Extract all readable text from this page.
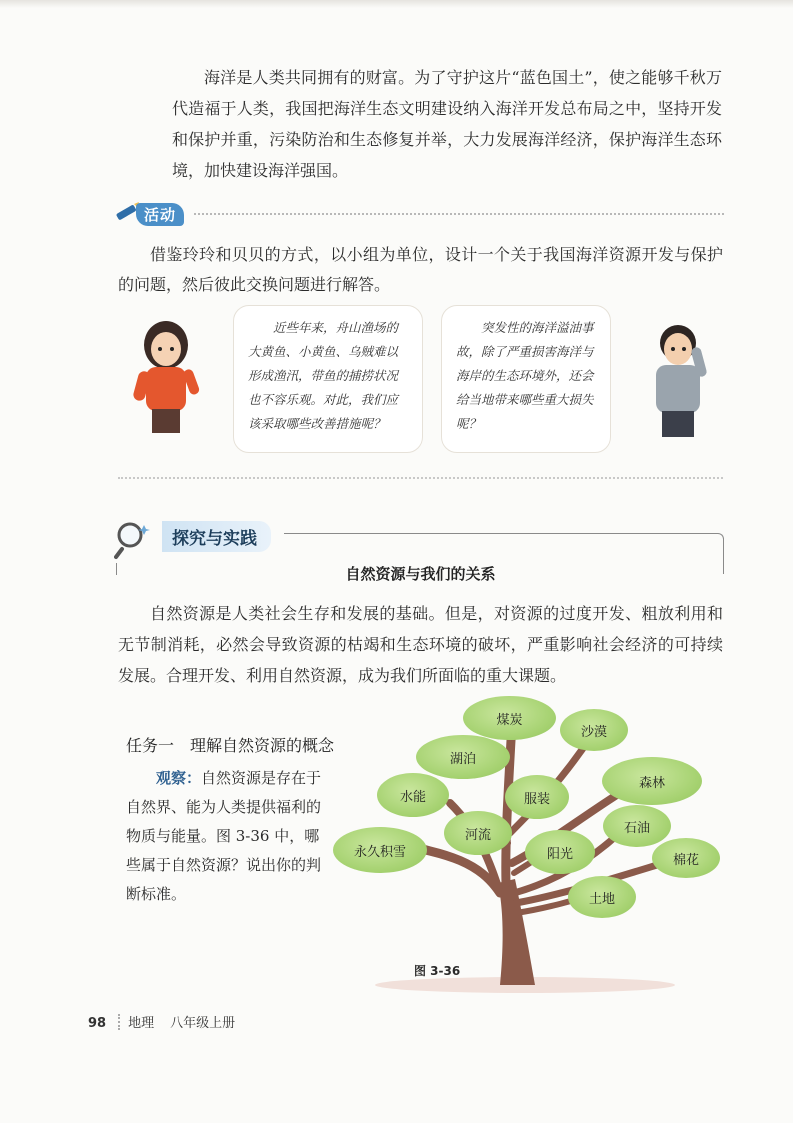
海洋是人类共同拥有的财富。为了守护这片“蓝色国土”，使之能够千秋万代造福于人类，我国把海洋生态文明建设纳入海洋开发总布局之中，坚持开发和保护并重，污染防治和生态修复并举，大力发展海洋经济，保护海洋生态环境，加快建设海洋强国。

活动

借鉴玲玲和贝贝的方式，以小组为单位，设计一个关于我国海洋资源开发与保护的问题，然后彼此交换问题进行解答。

近些年来，舟山渔场的大黄鱼、小黄鱼、乌贼难以形成渔汛，带鱼的捕捞状况也不容乐观。对此，我们应该采取哪些改善措施呢？

突发性的海洋溢油事故，除了严重损害海洋与海岸的生态环境外，还会给当地带来哪些重大损失呢？

探究与实践
自然资源与我们的关系

自然资源是人类社会生存和发展的基础。但是，对资源的过度开发、粗放利用和无节制消耗，必然会导致资源的枯竭和生态环境的破坏，严重影响社会经济的可持续发展。合理开发、利用自然资源，成为我们所面临的重大课题。

任务一 理解自然资源的概念

观察：自然资源是存在于自然界、能为人类提供福利的物质与能量。图 3-36 中，哪些属于自然资源？说出你的判断标准。

煤炭
沙漠
湖泊
森林
水能	服装
石油
河流
永久积雪	阳光	棉花
土地
图 3-36
98 地理 八年级上册
